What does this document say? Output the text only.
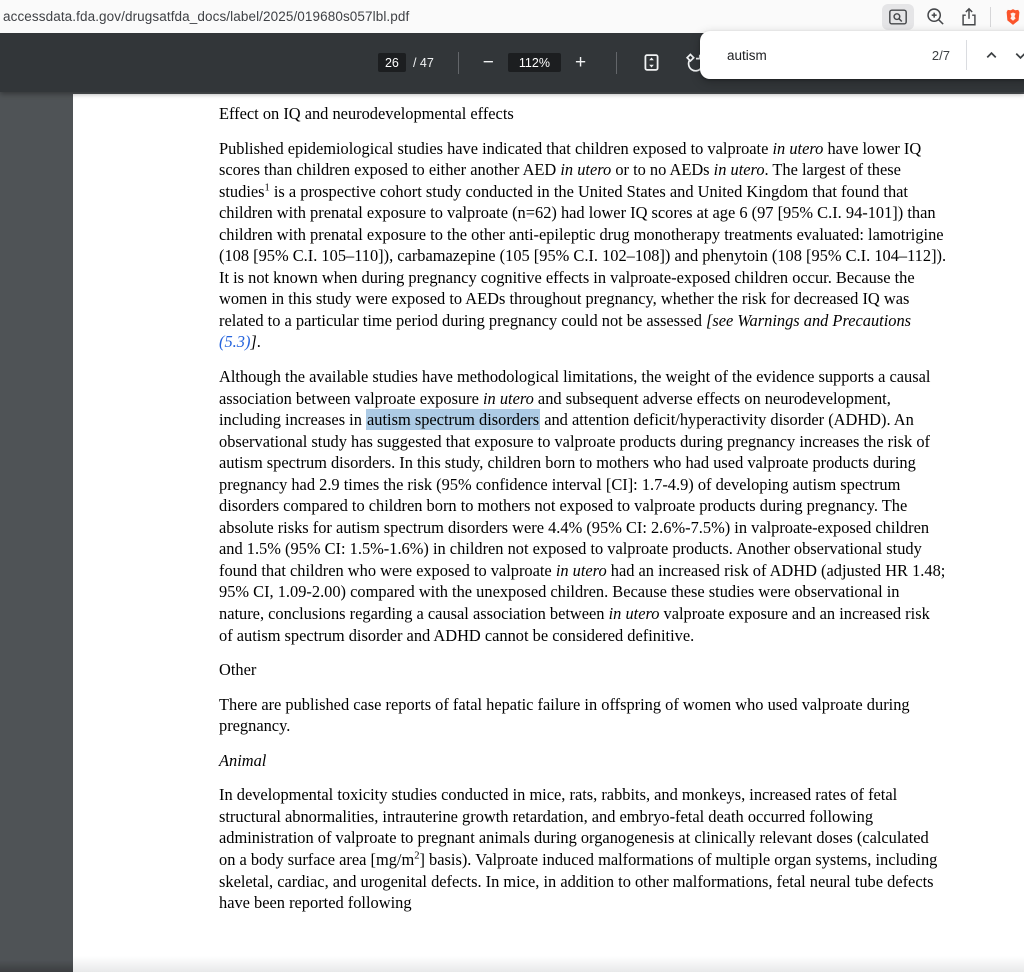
accessdata.fda.gov/drugsatfda_docs/label/2025/019680s057lbl.pdf
26	/ 47	−	112%	+	autism	2/7

Effect on IQ and neurodevelopmental effects

Published epidemiological studies have indicated that children exposed to valproate in utero have lower IQ scores than children exposed to either another AED in utero or to no AEDs in utero. The largest of these studies$^1$ is a prospective cohort study conducted in the United States and United Kingdom that found that children with prenatal exposure to valproate (n=62) had lower IQ scores at age 6 (97 [95% C.I. 94-101]) than children with prenatal exposure to the other anti-epileptic drug monotherapy treatments evaluated: lamotrigine (108 [95% C.I. 105–110]), carbamazepine (105 [95% C.I. 102–108]) and phenytoin (108 [95% C.I. 104–112]). It is not known when during pregnancy cognitive effects in valproate-exposed children occur. Because the women in this study were exposed to AEDs throughout pregnancy, whether the risk for decreased IQ was related to a particular time period during pregnancy could not be assessed [see Warnings and Precautions (5.3)].

Although the available studies have methodological limitations, the weight of the evidence supports a causal association between valproate exposure in utero and subsequent adverse effects on neurodevelopment, including increases in autism spectrum disorders and attention deficit/hyperactivity disorder (ADHD). An observational study has suggested that exposure to valproate products during pregnancy increases the risk of autism spectrum disorders. In this study, children born to mothers who had used valproate products during pregnancy had 2.9 times the risk (95% confidence interval [CI]: 1.7-4.9) of developing autism spectrum disorders compared to children born to mothers not exposed to valproate products during pregnancy. The absolute risks for autism spectrum disorders were 4.4% (95% CI: 2.6%-7.5%) in valproate-exposed children and 1.5% (95% CI: 1.5%-1.6%) in children not exposed to valproate products. Another observational study found that children who were exposed to valproate in utero had an increased risk of ADHD (adjusted HR 1.48; 95% CI, 1.09-2.00) compared with the unexposed children. Because these studies were observational in nature, conclusions regarding a causal association between in utero valproate exposure and an increased risk of autism spectrum disorder and ADHD cannot be considered definitive.

Other

There are published case reports of fatal hepatic failure in offspring of women who used valproate during pregnancy.

Animal

In developmental toxicity studies conducted in mice, rats, rabbits, and monkeys, increased rates of fetal structural abnormalities, intrauterine growth retardation, and embryo-fetal death occurred following administration of valproate to pregnant animals during organogenesis at clinically relevant doses (calculated on a body surface area $[mg/m^2]$ basis). Valproate induced malformations of multiple organ systems, including skeletal, cardiac, and urogenital defects. In mice, in addition to other malformations, fetal neural tube defects have been reported following
